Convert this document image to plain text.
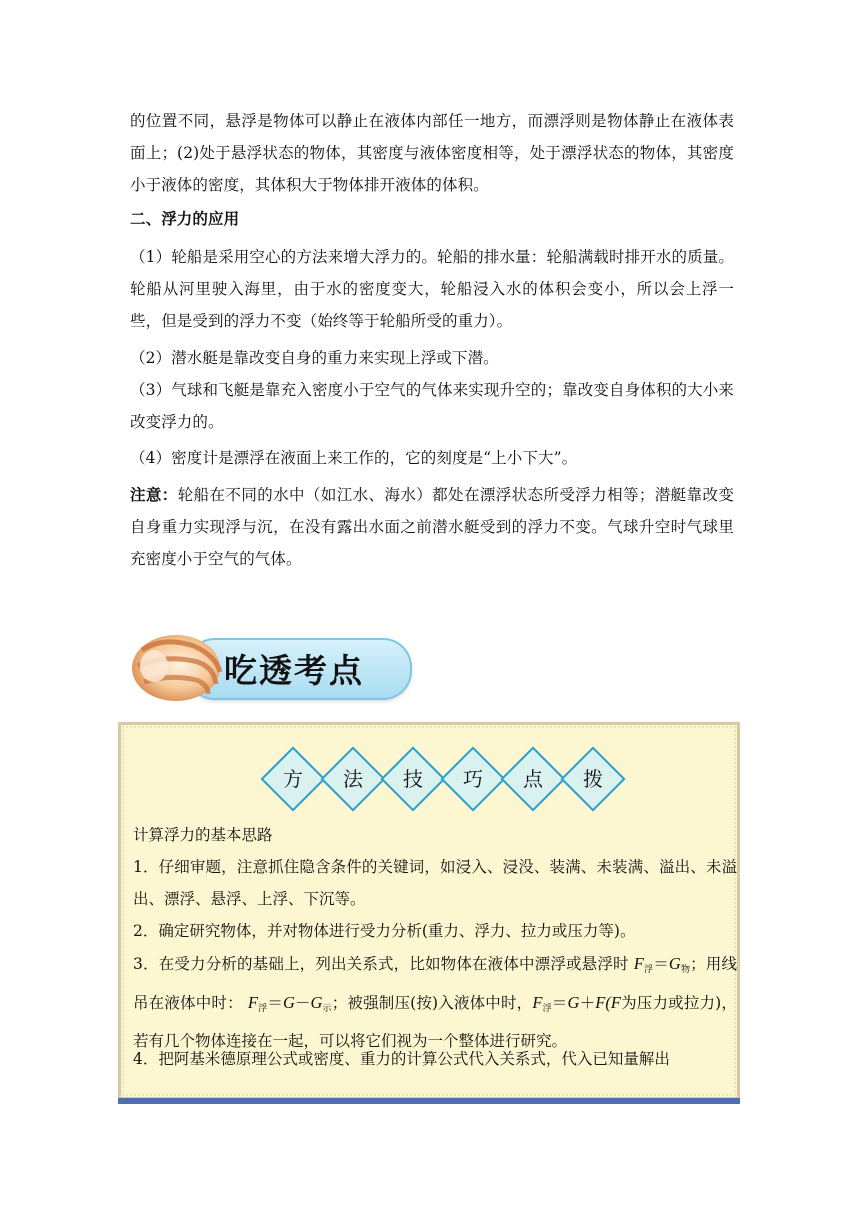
的位置不同，悬浮是物体可以静止在液体内部任一地方，而漂浮则是物体静止在液体表面上；(2)处于悬浮状态的物体，其密度与液体密度相等，处于漂浮状态的物体，其密度小于液体的密度，其体积大于物体排开液体的体积。
二、浮力的应用
（1）轮船是采用空心的方法来增大浮力的。轮船的排水量：轮船满载时排开水的质量。轮船从河里驶入海里，由于水的密度变大，轮船浸入水的体积会变小，所以会上浮一些，但是受到的浮力不变（始终等于轮船所受的重力）。
（2）潜水艇是靠改变自身的重力来实现上浮或下潜。
（3）气球和飞艇是靠充入密度小于空气的气体来实现升空的；靠改变自身体积的大小来改变浮力的。
（4）密度计是漂浮在液面上来工作的，它的刻度是“上小下大”。
注意：轮船在不同的水中（如江水、海水）都处在漂浮状态所受浮力相等；潜艇靠改变自身重力实现浮与沉，在没有露出水面之前潜水艇受到的浮力不变。气球升空时气球里充密度小于空气的气体。
吃透考点
方	法	技	巧	点	拨
计算浮力的基本思路
1．仔细审题，注意抓住隐含条件的关键词，如浸入、浸没、装满、未装满、溢出、未溢出、漂浮、悬浮、上浮、下沉等。
2．确定研究物体，并对物体进行受力分析(重力、浮力、拉力或压力等)。
3．在受力分析的基础上，列出关系式，比如物体在液体中漂浮或悬浮时 $F_浮=G_物$；用线吊在液体中时： $F_浮=G-G_示$；被强制压(按)入液体中时，$F_浮=G+F(F$为压力或拉力)，若有几个物体连接在一起，可以将它们视为一个整体进行研究。
4．把阿基米德原理公式或密度、重力的计算公式代入关系式，代入已知量解出
